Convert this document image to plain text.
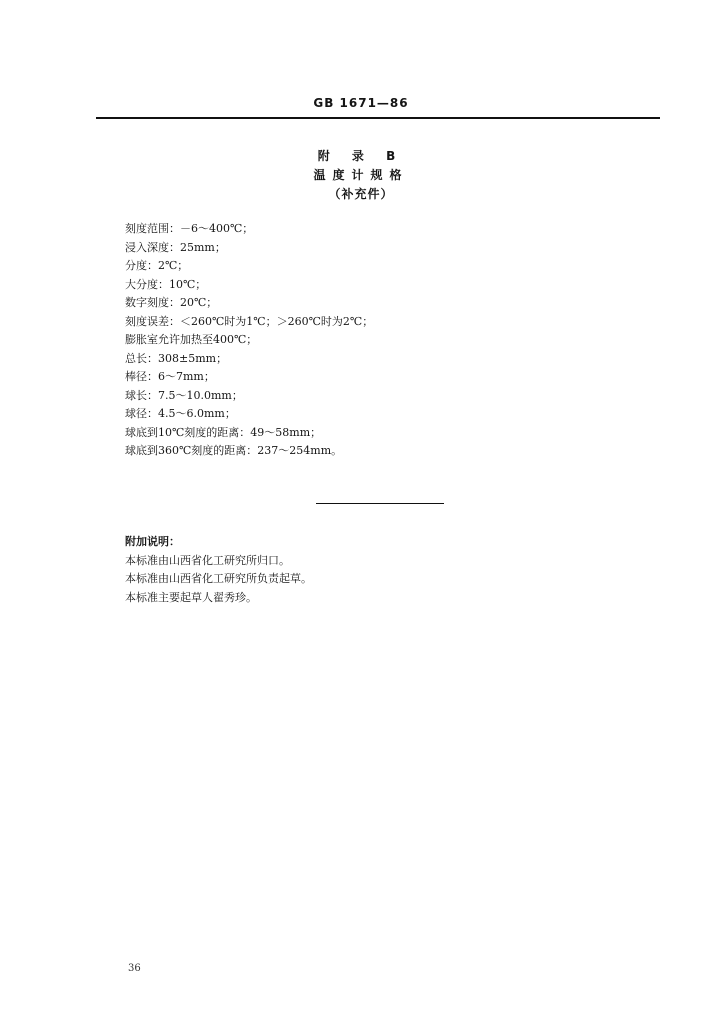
GB 1671—86
附 录 B
温度计规格
（补充件）
刻度范围：－6～400℃；
浸入深度：25mm；
分度：2℃；
大分度：10℃；
数字刻度：20℃；
刻度误差：＜260℃时为1℃；＞260℃时为2℃；
膨胀室允许加热至400℃；
总长：308±5mm；
棒径：6～7mm；
球长：7.5～10.0mm；
球径：4.5～6.0mm；
球底到10℃刻度的距离：49～58mm；
球底到360℃刻度的距离：237～254mm。
附加说明：
本标准由山西省化工研究所归口。
本标准由山西省化工研究所负责起草。
本标准主要起草人翟秀珍。
36
